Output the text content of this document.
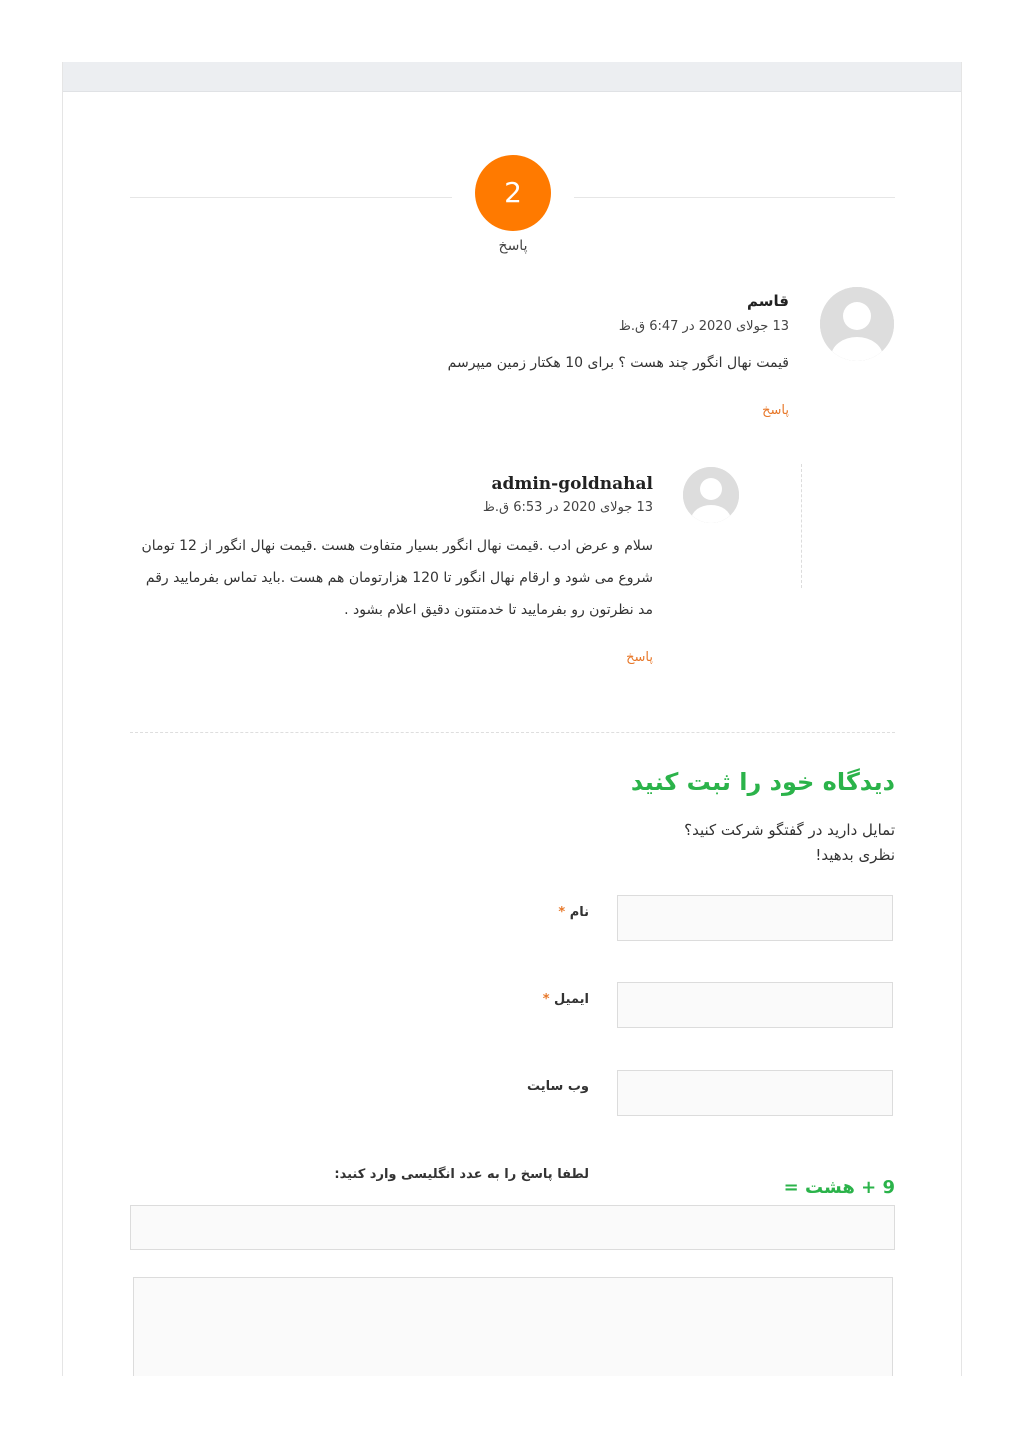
2
پاسخ
قاسم
13 جولای 2020 در 6:47 ق.ظ
قیمت نهال انگور چند هست ؟ برای 10 هکتار زمین میپرسم
پاسخ
admin-goldnahal
13 جولای 2020 در 6:53 ق.ظ
سلام و عرض ادب .قیمت نهال انگور بسیار متفاوت هست .قیمت نهال انگور از 12 تومان
شروع می شود و ارقام نهال انگور تا 120 هزارتومان هم هست .باید تماس بفرمایید رقم
مد نظرتون رو بفرمایید تا خدمتتون دقیق اعلام بشود .
پاسخ
دیدگاه خود را ثبت کنید
تمایل دارید در گفتگو شرکت کنید؟
نظری بدهید!
نام *
ایمیل *
وب سایت
لطفا پاسخ را به عدد انگلیسی وارد کنید:
9 + هشت =
